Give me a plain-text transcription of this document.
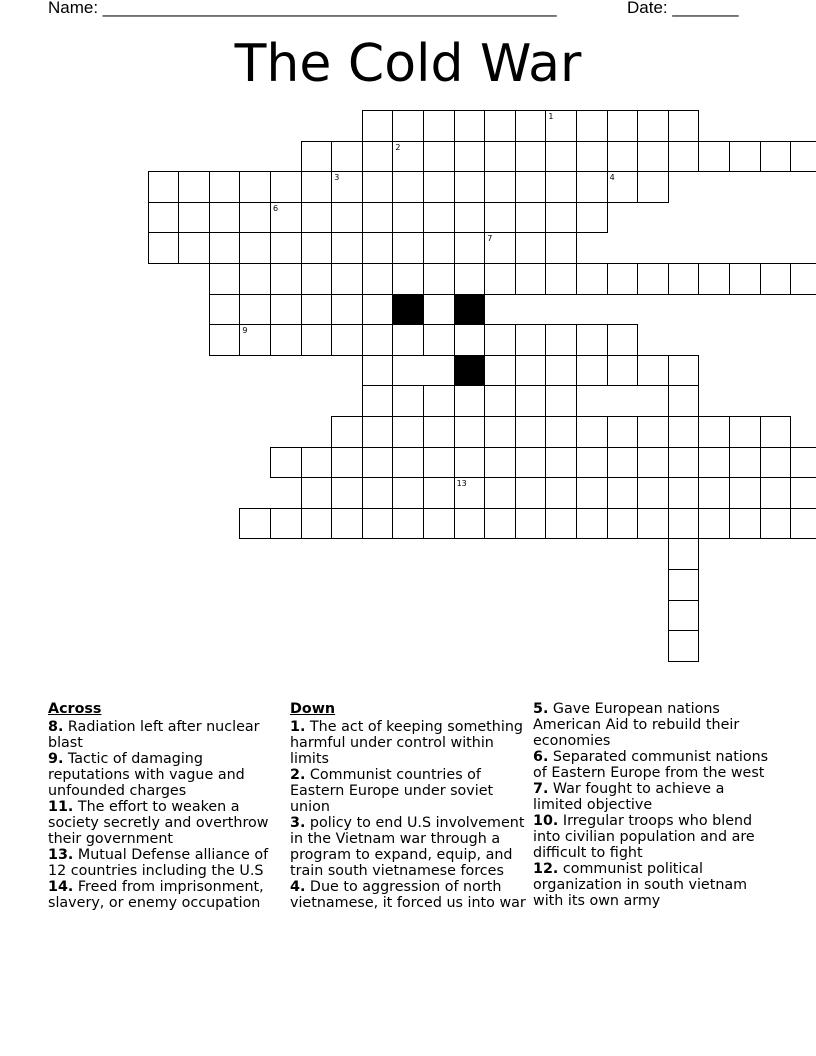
Name: ________________________________________________	Date: _______
The Cold War
1
2
3	4
6
7
9
13
Across
8. Radiation left after nuclear blast
9. Tactic of damaging reputations with vague and unfounded charges
11. The effort to weaken a society secretly and overthrow their government
13. Mutual Defense alliance of 12 countries including the U.S
14. Freed from imprisonment, slavery, or enemy occupation
Down
1. The act of keeping something harmful under control within limits
2. Communist countries of Eastern Europe under soviet union
3. policy to end U.S involvement in the Vietnam war through a program to expand, equip, and train south vietnamese forces
4. Due to aggression of north vietnamese, it forced us into war
5. Gave European nations American Aid to rebuild their economies
6. Separated communist nations of Eastern Europe from the west
7. War fought to achieve a limited objective
10. Irregular troops who blend into civilian population and are difficult to fight
12. communist political organization in south vietnam with its own army
